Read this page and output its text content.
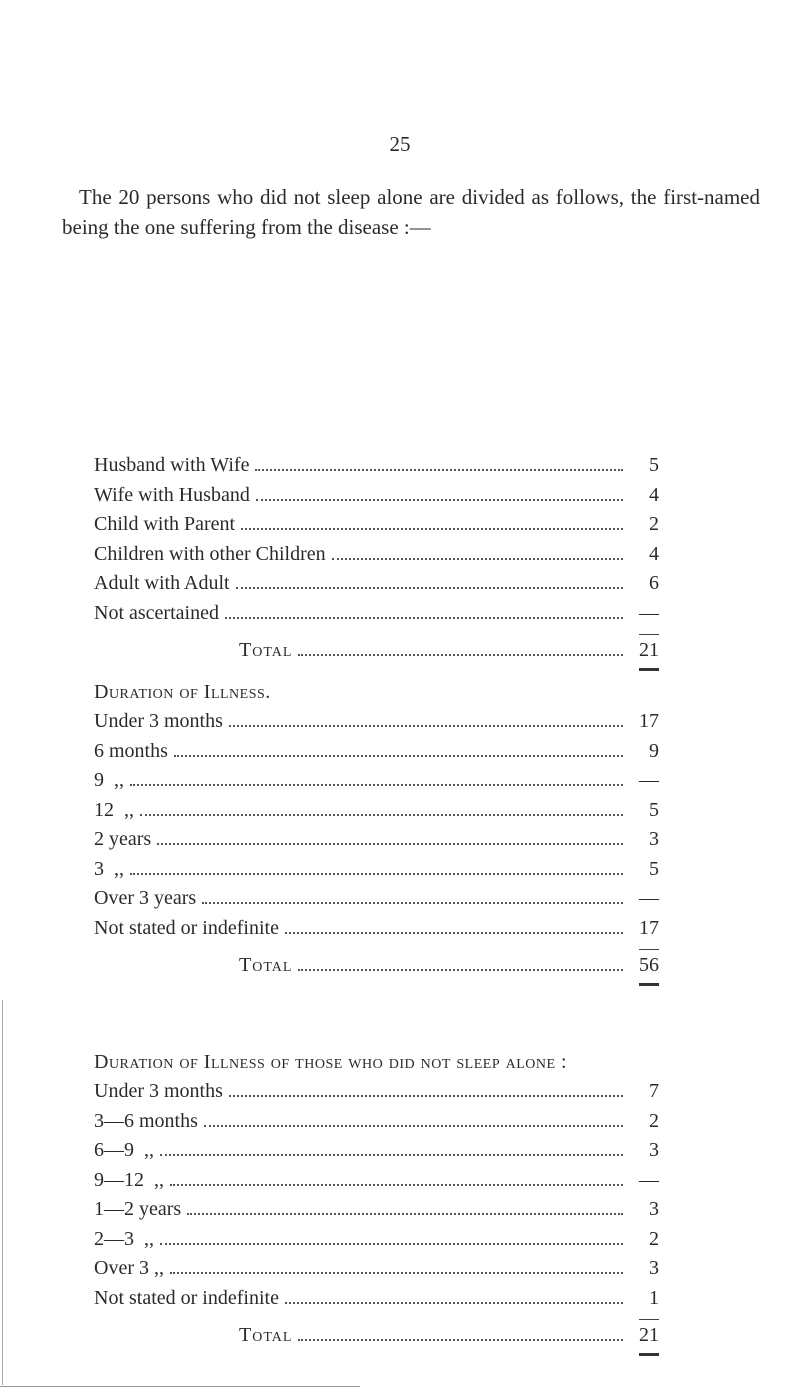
25
The 20 persons who did not sleep alone are divided as follows, the first-named being the one suffering from the disease :—
Husband with Wife	5
Wife with Husband	4
Child with Parent	2
Children with other Children	4
Adult with Adult	6
Not ascertained	—
Total	21
Duration of Illness.
Under 3 months	17
6 months	9
9  ,,	—
12  ,,	5
2 years	3
3  ,,	5
Over 3 years	—
Not stated or indefinite	17
Total	56
Duration of Illness of those who did not sleep alone :
Under 3 months	7
3—6 months	2
6—9  ,,	3
9—12  ,,	—
1—2 years	3
2—3  ,,	2
Over 3 ,,	3
Not stated or indefinite	1
Total	21
